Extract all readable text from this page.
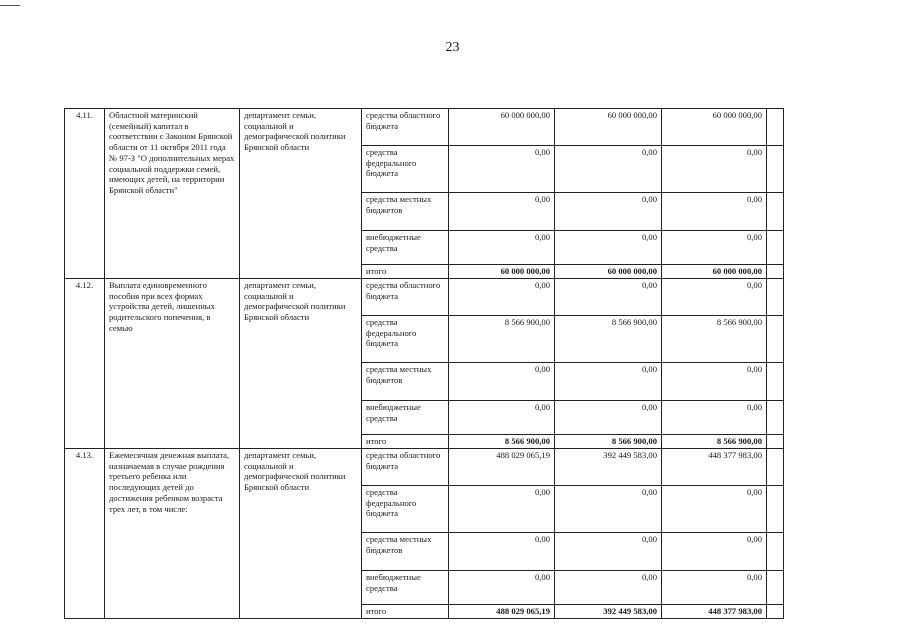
23
4.11.	Областной материнский (семейный) капитал в соответствии с Законом Брянской области от 11 октября 2011 года № 97-З "О дополнительных мерах социальной поддержки семей, имеющих детей, на территории Брянской области"	департамент семьи, социальной и демографической политики Брянской области	средства областного бюджета	60 000 000,00	60 000 000,00	60 000 000,00	
			средства федерального бюджета	0,00	0,00	0,00	
			средства местных бюджетов	0,00	0,00	0,00	
			внебюджетные средства	0,00	0,00	0,00	
			итого	60 000 000,00	60 000 000,00	60 000 000,00	
4.12.	Выплата единовременного пособия при всех формах устройства детей, лишенных родительского попечения, в семью	департамент семьи, социальной и демографической политики Брянской области	средства областного бюджета	0,00	0,00	0,00	
			средства федерального бюджета	8 566 900,00	8 566 900,00	8 566 900,00	
			средства местных бюджетов	0,00	0,00	0,00	
			внебюджетные средства	0,00	0,00	0,00	
			итого	8 566 900,00	8 566 900,00	8 566 900,00	
4.13.	Ежемесячная денежная выплата, назначаемая в случае рождения третьего ребенка или последующих детей до достижения ребенком возраста трех лет, в том числе:	департамент семьи, социальной и демографической политики Брянской области	средства областного бюджета	488 029 065,19	392 449 583,00	448 377 983,00	
			средства федерального бюджета	0,00	0,00	0,00	
			средства местных бюджетов	0,00	0,00	0,00	
			внебюджетные средства	0,00	0,00	0,00	
			итого	488 029 065,19	392 449 583,00	448 377 983,00	
